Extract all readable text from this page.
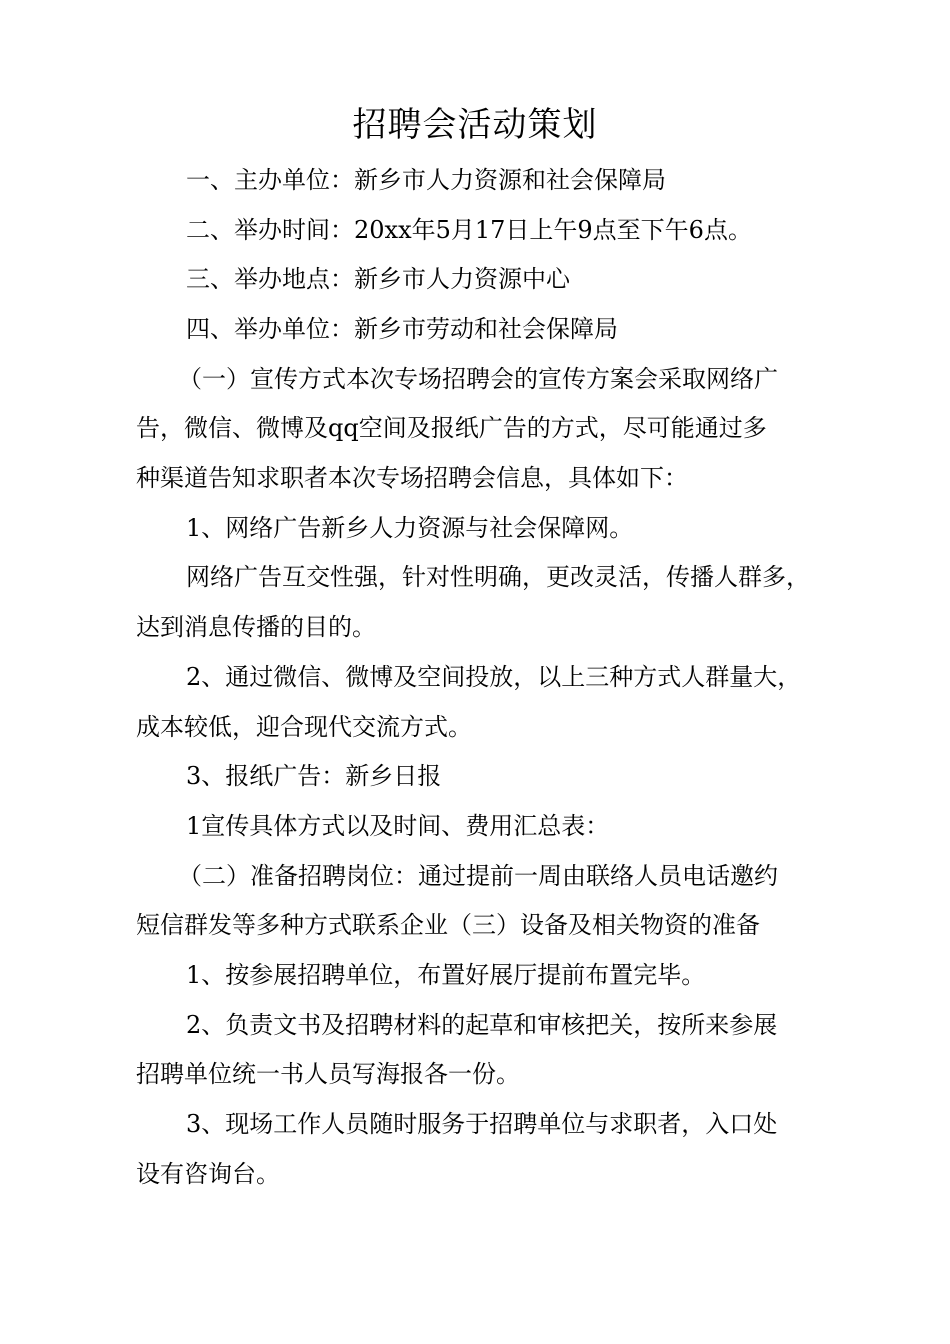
招聘会活动策划
一、主办单位：新乡市人力资源和社会保障局
二、举办时间：20xx年5月17日上午9点至下午6点。
三、举办地点：新乡市人力资源中心
四、举办单位：新乡市劳动和社会保障局
（一）宣传方式本次专场招聘会的宣传方案会采取网络广
告，微信、微博及qq空间及报纸广告的方式，尽可能通过多
种渠道告知求职者本次专场招聘会信息，具体如下：
1、网络广告新乡人力资源与社会保障网。
网络广告互交性强，针对性明确，更改灵活，传播人群多，
达到消息传播的目的。
2、通过微信、微博及空间投放，以上三种方式人群量大，
成本较低，迎合现代交流方式。
3、报纸广告：新乡日报
1宣传具体方式以及时间、费用汇总表：
（二）准备招聘岗位：通过提前一周由联络人员电话邀约
短信群发等多种方式联系企业（三）设备及相关物资的准备
1、按参展招聘单位，布置好展厅提前布置完毕。
2、负责文书及招聘材料的起草和审核把关，按所来参展
招聘单位统一书人员写海报各一份。
3、现场工作人员随时服务于招聘单位与求职者，入口处
设有咨询台。
